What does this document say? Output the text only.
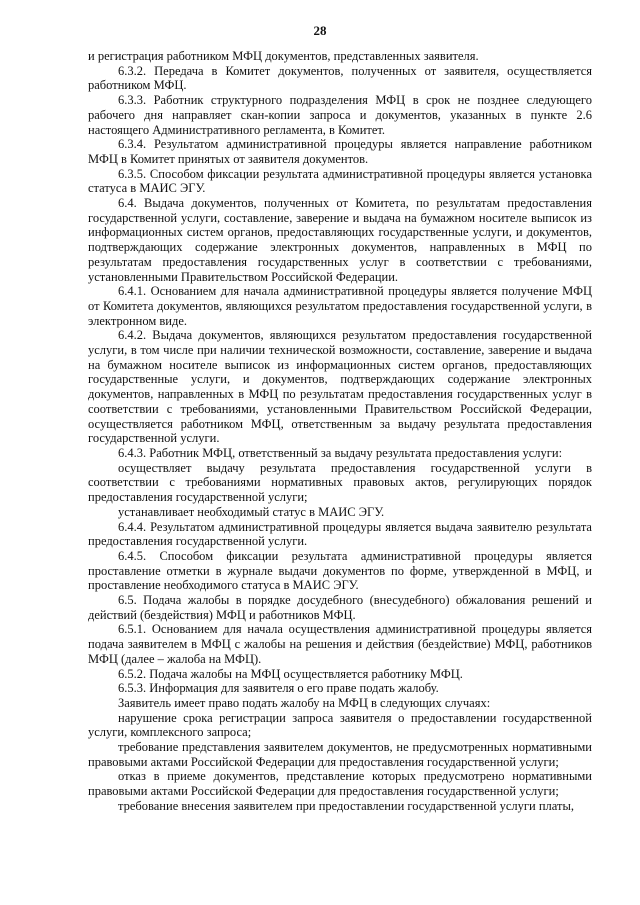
28

и регистрация работником МФЦ документов, представленных заявителя.

6.3.2. Передача в Комитет документов, полученных от заявителя, осуществляется работником МФЦ.

6.3.3. Работник структурного подразделения МФЦ в срок не позднее следующего рабочего дня направляет скан-копии запроса и документов, указанных в пункте 2.6 настоящего Административного регламента, в Комитет.

6.3.4. Результатом административной процедуры является направление работником МФЦ в Комитет принятых от заявителя документов.

6.3.5. Способом фиксации результата административной процедуры является установка статуса в МАИС ЭГУ.

6.4. Выдача документов, полученных от Комитета, по результатам предоставления государственной услуги, составление, заверение и выдача на бумажном носителе выписок из информационных систем органов, предоставляющих государственные услуги, и документов, подтверждающих содержание электронных документов, направленных в МФЦ по результатам предоставления государственных услуг в соответствии с требованиями, установленными Правительством Российской Федерации.

6.4.1. Основанием для начала административной процедуры является получение МФЦ от Комитета документов, являющихся результатом предоставления государственной услуги, в электронном виде.

6.4.2. Выдача документов, являющихся результатом предоставления государственной услуги, в том числе при наличии технической возможности, составление, заверение и выдача на бумажном носителе выписок из информационных систем органов, предоставляющих государственные услуги, и документов, подтверждающих содержание электронных документов, направленных в МФЦ по результатам предоставления государственных услуг в соответствии с требованиями, установленными Правительством Российской Федерации, осуществляется работником МФЦ, ответственным за выдачу результата предоставления государственной услуги.

6.4.3. Работник МФЦ, ответственный за выдачу результата предоставления услуги:

осуществляет выдачу результата предоставления государственной услуги в соответствии с требованиями нормативных правовых актов, регулирующих порядок предоставления государственной услуги;

устанавливает необходимый статус в МАИС ЭГУ.

6.4.4. Результатом административной процедуры является выдача заявителю результата предоставления государственной услуги.

6.4.5. Способом фиксации результата административной процедуры является проставление отметки в журнале выдачи документов по форме, утвержденной в МФЦ, и проставление необходимого статуса в МАИС ЭГУ.

6.5. Подача жалобы в порядке досудебного (внесудебного) обжалования решений и действий (бездействия) МФЦ и работников МФЦ.

6.5.1. Основанием для начала осуществления административной процедуры является подача заявителем в МФЦ с жалобы на решения и действия (бездействие) МФЦ, работников МФЦ (далее – жалоба на МФЦ).

6.5.2. Подача жалобы на МФЦ осуществляется работнику МФЦ.

6.5.3. Информация для заявителя о его праве подать жалобу.

Заявитель имеет право подать жалобу на МФЦ в следующих случаях:

нарушение срока регистрации запроса заявителя о предоставлении государственной услуги, комплексного запроса;

требование представления заявителем документов, не предусмотренных нормативными правовыми актами Российской Федерации для предоставления государственной услуги;

отказ в приеме документов, представление которых предусмотрено нормативными правовыми актами Российской Федерации для предоставления государственной услуги;

требование внесения заявителем при предоставлении государственной услуги платы,
